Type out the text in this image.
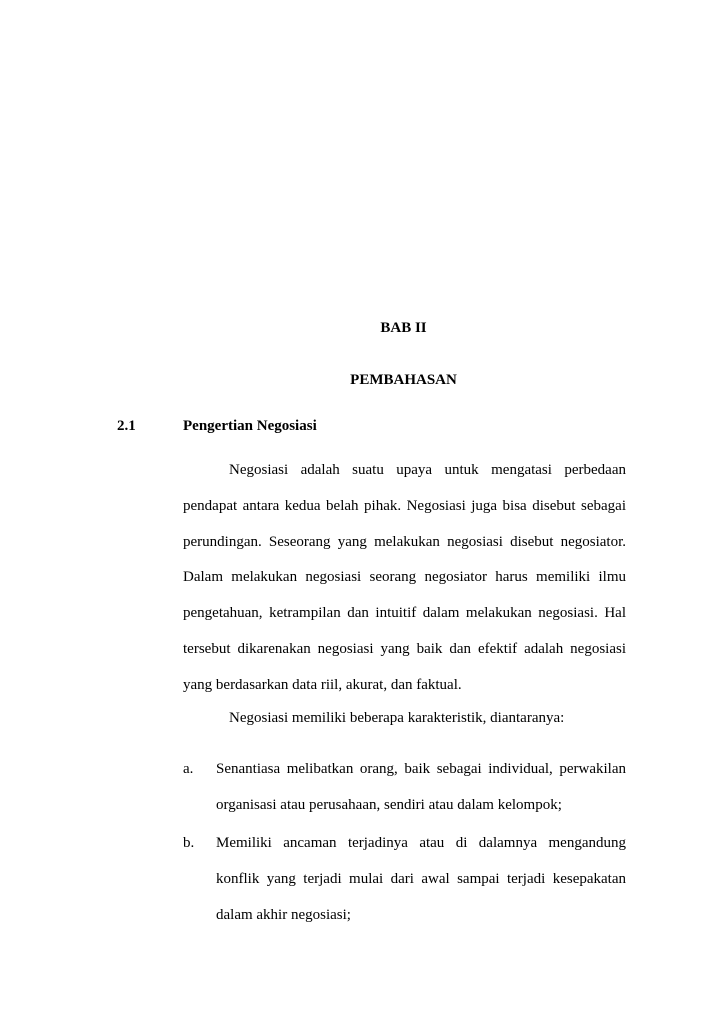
BAB II
PEMBAHASAN
2.1	Pengertian Negosiasi

Negosiasi adalah suatu upaya untuk mengatasi perbedaan pendapat antara kedua belah pihak. Negosiasi juga bisa disebut sebagai perundingan. Seseorang yang melakukan negosiasi disebut negosiator. Dalam melakukan negosiasi seorang negosiator harus memiliki ilmu pengetahuan, ketrampilan dan intuitif dalam melakukan negosiasi. Hal tersebut dikarenakan negosiasi yang baik dan efektif adalah negosiasi yang berdasarkan data riil, akurat, dan faktual.

Negosiasi memiliki beberapa karakteristik, diantaranya:

a. Senantiasa melibatkan orang, baik sebagai individual, perwakilan organisasi atau perusahaan, sendiri atau dalam kelompok;

b. Memiliki ancaman terjadinya atau di dalamnya mengandung konflik yang terjadi mulai dari awal sampai terjadi kesepakatan dalam akhir negosiasi;
